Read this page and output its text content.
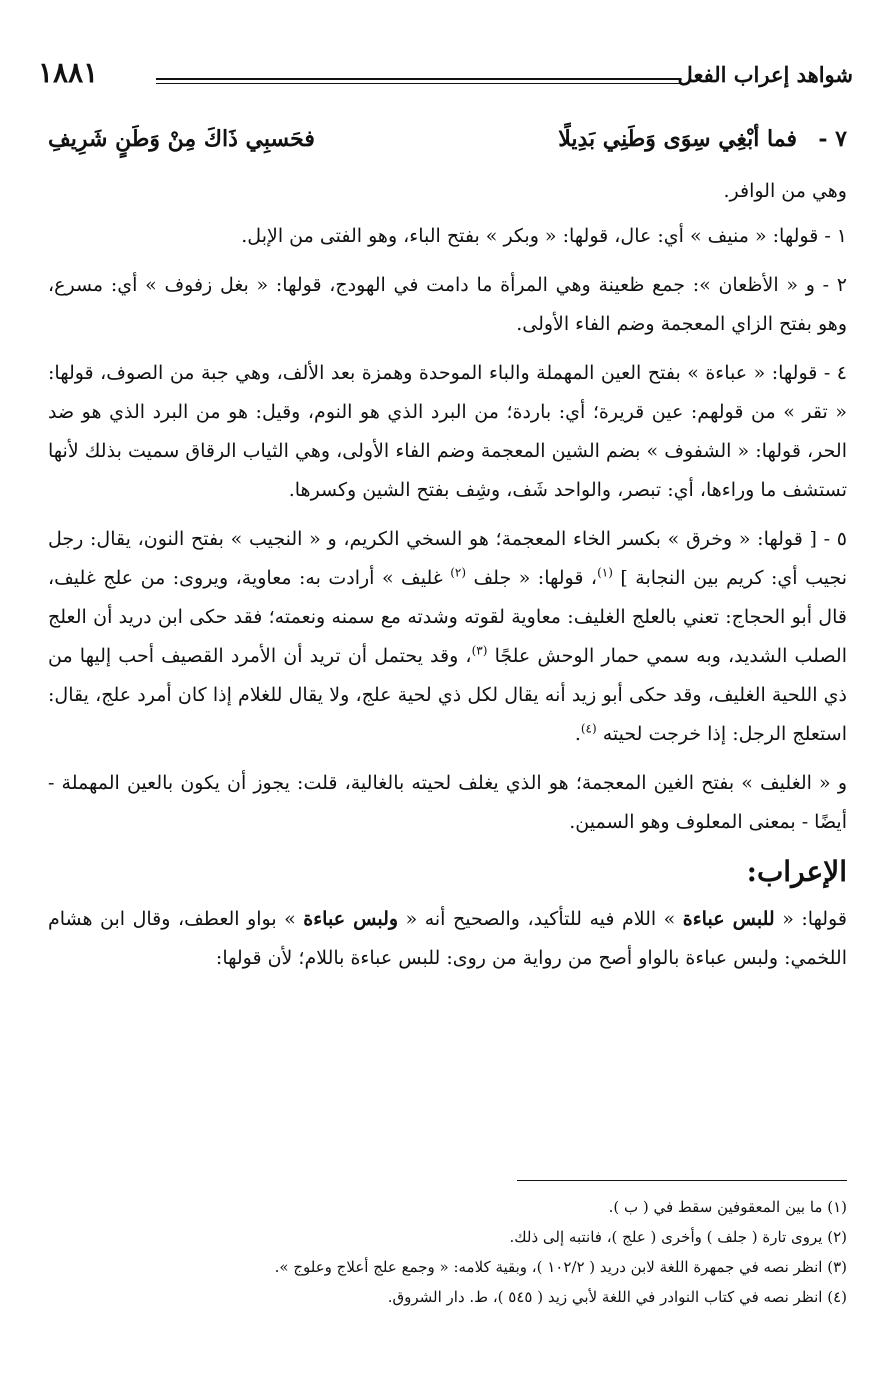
شواهد إعراب الفعل
١٨٨١
٧ -
فما أبْغِي سِوَى وَطَنِي بَدِيلًا
فحَسبِي ذَاكَ مِنْ وَطَنٍ شَرِيفِ

وهي من الوافر.

١ - قولها: « منيف » أي: عال، قولها: « وبكر » بفتح الباء، وهو الفتى من الإبل.

٢ - و « الأظعان »: جمع ظعينة وهي المرأة ما دامت في الهودج، قولها: « بغل زفوف » أي: مسرع، وهو بفتح الزاي المعجمة وضم الفاء الأولى.

٤ - قولها: « عباءة » بفتح العين المهملة والباء الموحدة وهمزة بعد الألف، وهي جبة من الصوف، قولها: « تقر » من قولهم: عين قريرة؛ أي: باردة؛ من البرد الذي هو النوم، وقيل: هو من البرد الذي هو ضد الحر، قولها: « الشفوف » بضم الشين المعجمة وضم الفاء الأولى، وهي الثياب الرقاق سميت بذلك لأنها تستشف ما وراءها، أي: تبصر، والواحد شَف، وشِف بفتح الشين وكسرها.

٥ - [ قولها: « وخرق » بكسر الخاء المعجمة؛ هو السخي الكريم، و « النجيب » بفتح النون، يقال: رجل نجيب أي: كريم بين النجابة ] $^{(١)}$، قولها: « جلف $^{(٢)}$ غليف » أرادت به: معاوية، ويروى: من علج غليف، قال أبو الحجاج: تعني بالعلج الغليف: معاوية لقوته وشدته مع سمنه ونعمته؛ فقد حكى ابن دريد أن العلج الصلب الشديد، وبه سمي حمار الوحش علجًا $^{(٣)}$، وقد يحتمل أن تريد أن الأمرد القصيف أحب إليها من ذي اللحية الغليف، وقد حكى أبو زيد أنه يقال لكل ذي لحية علج، ولا يقال للغلام إذا كان أمرد علج، يقال: استعلج الرجل: إذا خرجت لحيته $^{(٤)}$.

و « الغليف » بفتح الغين المعجمة؛ هو الذي يغلف لحيته بالغالية، قلت: يجوز أن يكون بالعين المهملة - أيضًا - بمعنى المعلوف وهو السمين.

الإعراب:

قولها: « للبس عباءة » اللام فيه للتأكيد، والصحيح أنه « ولبس عباءة » بواو العطف، وقال ابن هشام اللخمي: ولبس عباءة بالواو أصح من رواية من روى: للبس عباءة باللام؛ لأن قولها:

(١) ما بين المعقوفين سقط في ( ب ).
(٢) يروى تارة ( جلف ) وأخرى ( علج )، فانتبه إلى ذلك.
(٣) انظر نصه في جمهرة اللغة لابن دريد ( ١٠٢/٢ )، وبقية كلامه: « وجمع علج أعلاج وعلوج ».
(٤) انظر نصه في كتاب النوادر في اللغة لأبي زيد ( ٥٤٥ )، ط. دار الشروق.
